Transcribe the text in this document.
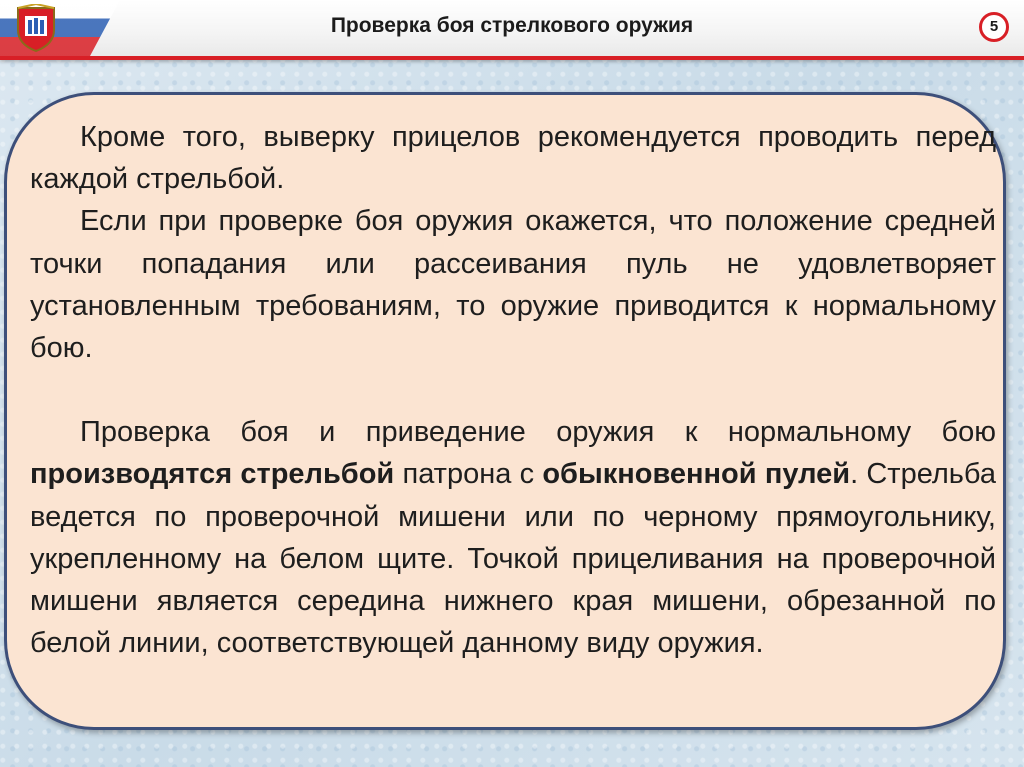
Проверка боя стрелкового оружия	5

Кроме того, выверку прицелов рекомендуется проводить перед каждой стрельбой.

Если при проверке боя оружия окажется, что положение средней точки попадания или рассеивания пуль не удовлетворяет установленным требованиям, то оружие приводится к нормальному бою.

Проверка боя и приведение оружия к нормальному бою производятся стрельбой патрона с обыкновенной пулей. Стрельба ведется по проверочной мишени или по черному прямоугольнику, укрепленному на белом щите. Точкой прицеливания на проверочной мишени является середина нижнего края мишени, обрезанной по белой линии, соответствующей данному виду оружия.
